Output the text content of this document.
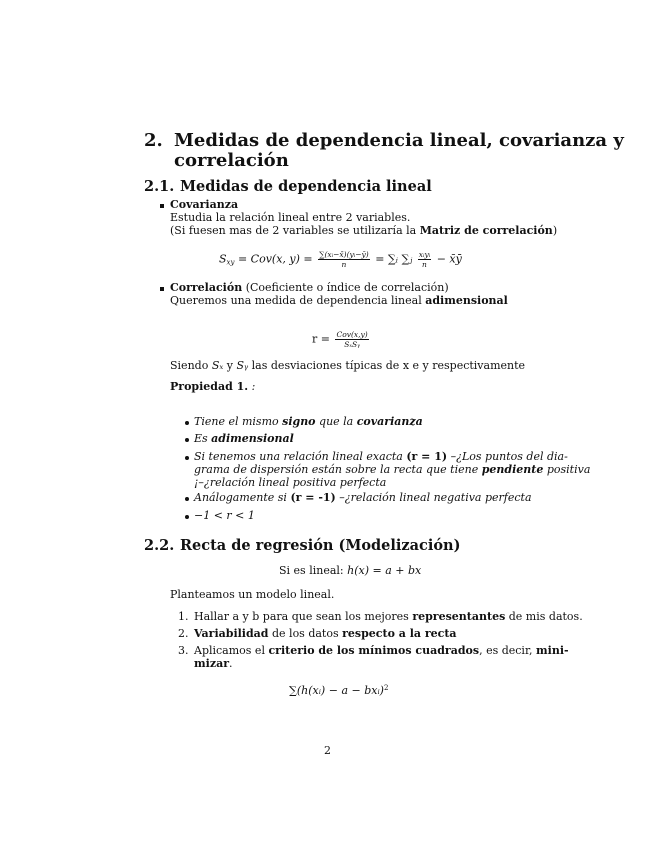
2. Medidas de dependencia lineal, covarianza y
correlación
2.1. Medidas de dependencia lineal
Covarianza
Estudia la relación lineal entre 2 variables.
(Si fuesen mas de 2 variables se utilizaría la Matriz de correlación)
$S_{xy} = Cov(x$, $y) = \frac{\text{∑(xᵢ−x̄)(yᵢ−ȳ)}}{n}$ = ∑ᵢ ∑ⱼ $\frac{\text{xᵢyᵢ}}{n}$ − x̄ȳ
Correlación (Coeficiente o índice de correlación)
Queremos una medida de dependencia lineal adimensional
$r = \frac{\text{Cov(x,y)}}{\text{SₓSᵧ}}$
Siendo Sₓ y Sᵧ las desviaciones típicas de x e y respectivamente
Propiedad 1. :
Tiene el mismo signo que la covarianza
Es adimensional
Si tenemos una relación lineal exacta (r = 1) –¿Los puntos del dia-
grama de dispersión están sobre la recta que tiene pendiente positiva
¡–¿relación lineal positiva perfecta
Análogamente si (r = -1) –¿relación lineal negativa perfecta
−1 < r < 1
2.2. Recta de regresión (Modelización)
Si es lineal: h(x) = a + bx
Planteamos un modelo lineal.
1. Hallar a y b para que sean los mejores representantes de mis datos.
2. Variabilidad de los datos respecto a la recta
3. Aplicamos el criterio de los mínimos cuadrados, es decir, mini-
mizar.
∑(h(xᵢ) − a − bxᵢ)$^2$
2
